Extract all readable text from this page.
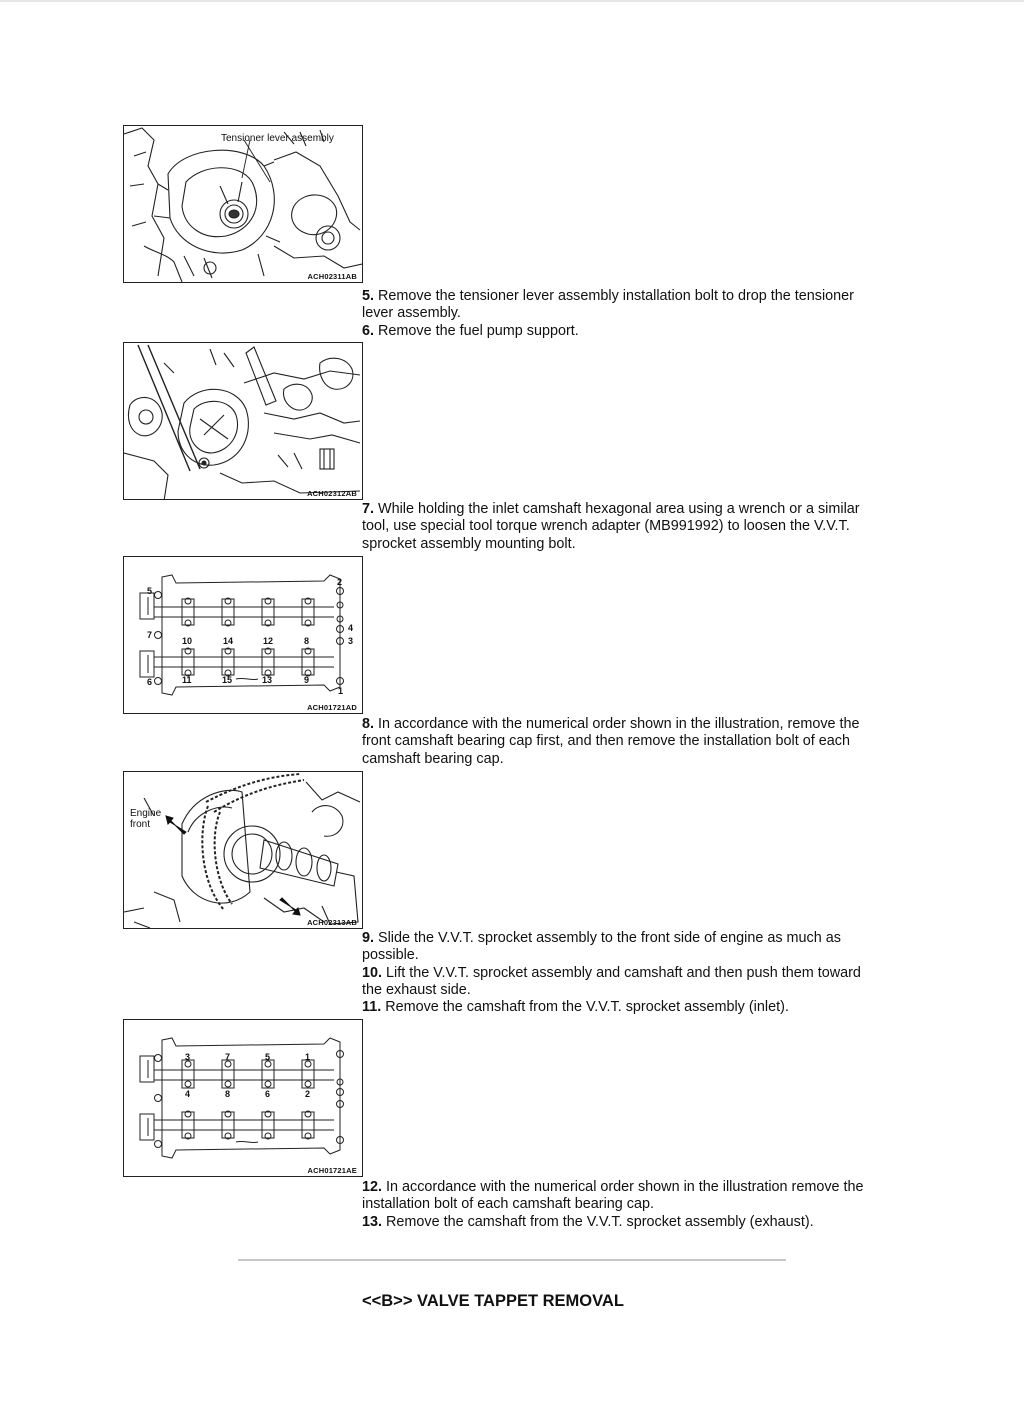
Tensioner lever assembly
ACH02311AB
ACH02312AB
2
5
4
3
7
10	14	12	8
6	11	15	13	9
1
ACH01721AD
Engine
front
ACH02313AB
3	7	5	1
4	8	6	2
ACH01721AE

5. Remove the tensioner lever assembly installation bolt to drop the tensioner lever assembly.

6. Remove the fuel pump support.

7. While holding the inlet camshaft hexagonal area using a wrench or a similar tool, use special tool torque wrench adapter (MB991992) to loosen the V.V.T. sprocket assembly mounting bolt.

8. In accordance with the numerical order shown in the illustration, remove the front camshaft bearing cap first, and then remove the installation bolt of each camshaft bearing cap.

9. Slide the V.V.T. sprocket assembly to the front side of engine as much as possible.

10. Lift the V.V.T. sprocket assembly and camshaft and then push them toward the exhaust side.

11. Remove the camshaft from the V.V.T. sprocket assembly (inlet).

12. In accordance with the numerical order shown in the illustration remove the installation bolt of each camshaft bearing cap.

13. Remove the camshaft from the V.V.T. sprocket assembly (exhaust).

<<B>> VALVE TAPPET REMOVAL
